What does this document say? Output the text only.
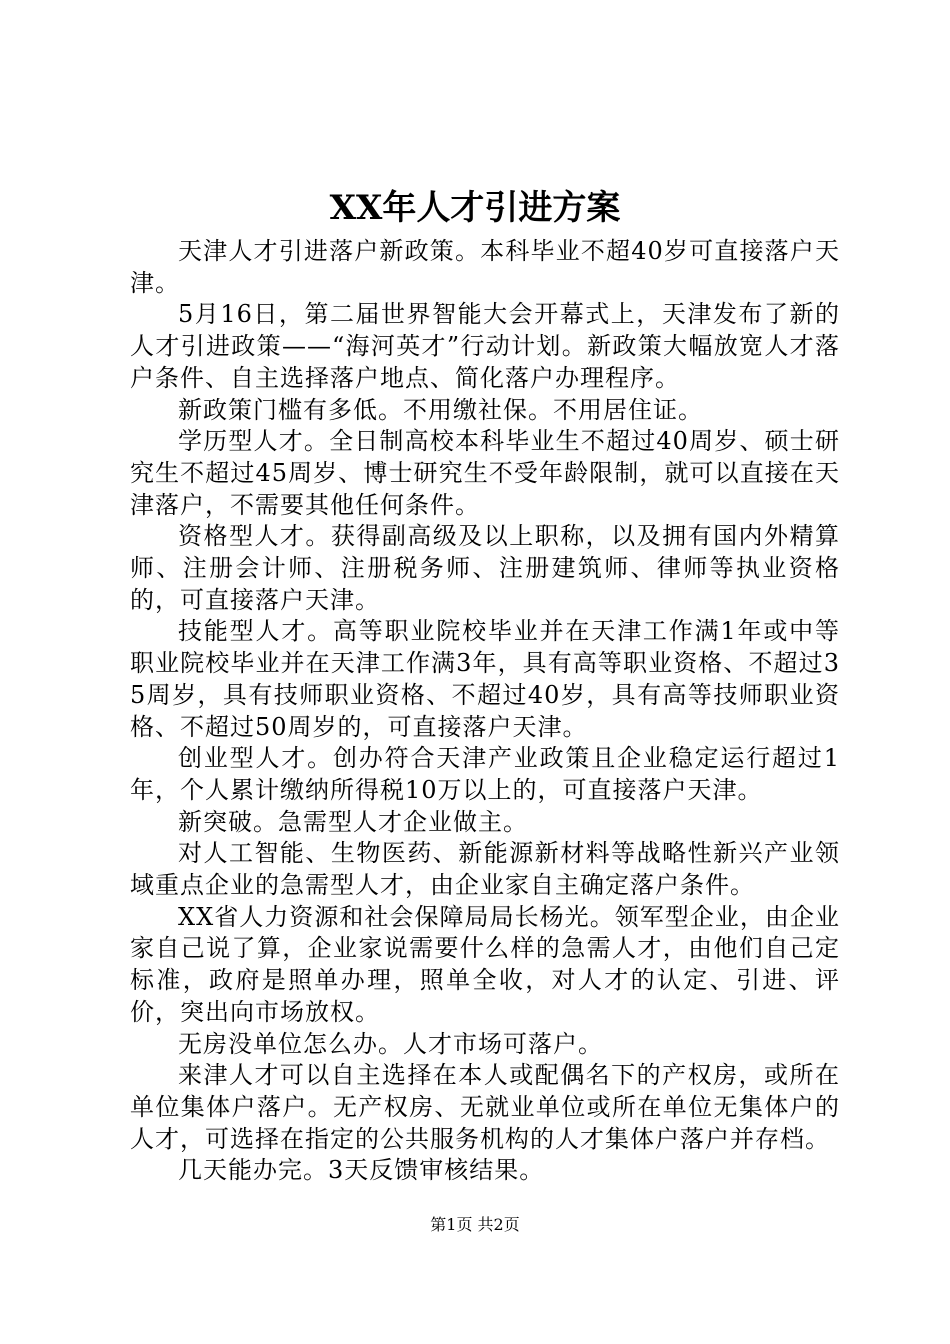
XX年人才引进方案

天津人才引进落户新政策。本科毕业不超40岁可直接落户天津。

5月16日，第二届世界智能大会开幕式上，天津发布了新的人才引进政策——“海河英才”行动计划。新政策大幅放宽人才落户条件、自主选择落户地点、简化落户办理程序。

新政策门槛有多低。不用缴社保。不用居住证。

学历型人才。全日制高校本科毕业生不超过40周岁、硕士研究生不超过45周岁、博士研究生不受年龄限制，就可以直接在天津落户，不需要其他任何条件。

资格型人才。获得副高级及以上职称，以及拥有国内外精算师、注册会计师、注册税务师、注册建筑师、律师等执业资格的，可直接落户天津。

技能型人才。高等职业院校毕业并在天津工作满1年或中等职业院校毕业并在天津工作满3年，具有高等职业资格、不超过35周岁，具有技师职业资格、不超过40岁，具有高等技师职业资格、不超过50周岁的，可直接落户天津。

创业型人才。创办符合天津产业政策且企业稳定运行超过1年，个人累计缴纳所得税10万以上的，可直接落户天津。

新突破。急需型人才企业做主。

对人工智能、生物医药、新能源新材料等战略性新兴产业领域重点企业的急需型人才，由企业家自主确定落户条件。

XX省人力资源和社会保障局局长杨光。领军型企业，由企业家自己说了算，企业家说需要什么样的急需人才，由他们自己定标准，政府是照单办理，照单全收，对人才的认定、引进、评价，突出向市场放权。

无房没单位怎么办。人才市场可落户。

来津人才可以自主选择在本人或配偶名下的产权房，或所在单位集体户落户。无产权房、无就业单位或所在单位无集体户的人才，可选择在指定的公共服务机构的人才集体户落户并存档。

几天能办完。3天反馈审核结果。

第1页 共2页
